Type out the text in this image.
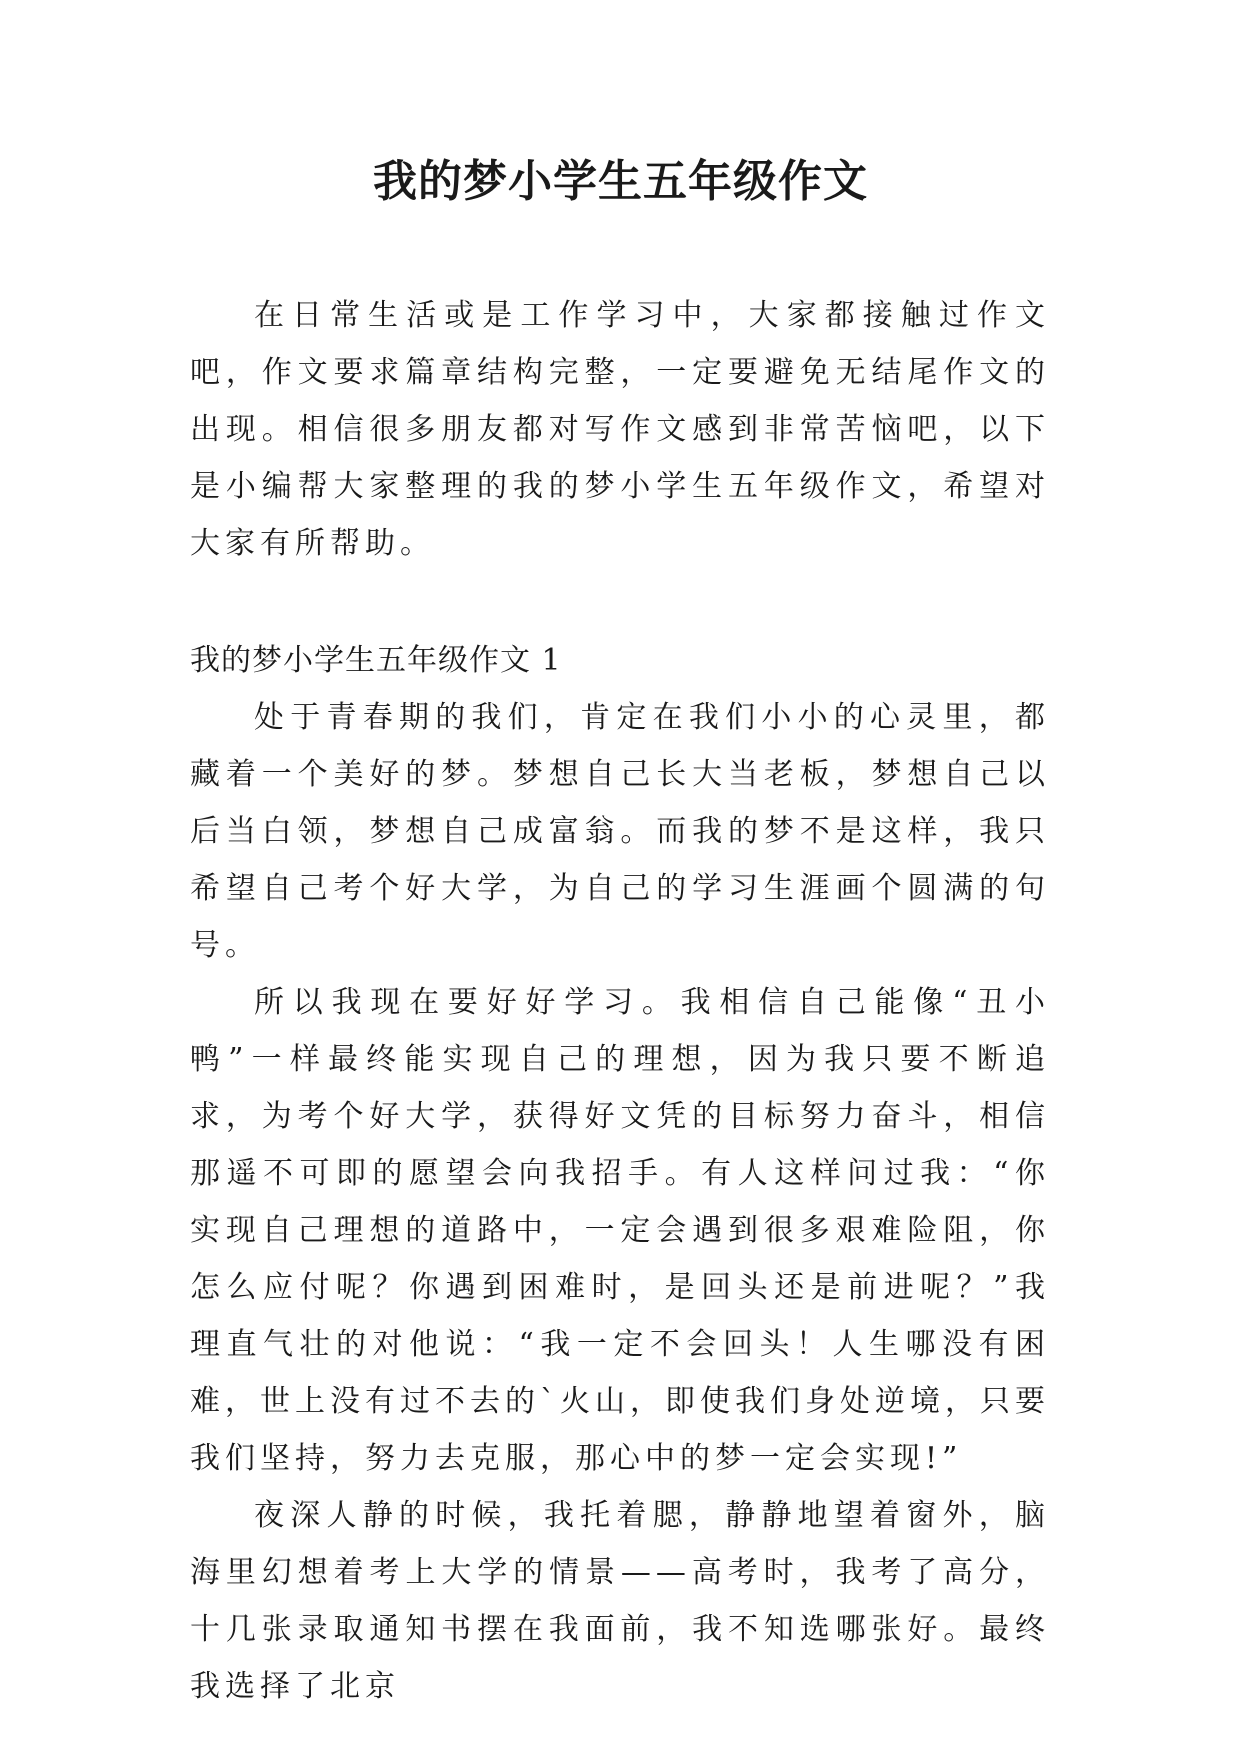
我的梦小学生五年级作文

在日常生活或是工作学习中，大家都接触过作文吧，作文要求篇章结构完整，一定要避免无结尾作文的出现。相信很多朋友都对写作文感到非常苦恼吧，以下是小编帮大家整理的我的梦小学生五年级作文，希望对大家有所帮助。

我的梦小学生五年级作文 1

处于青春期的我们，肯定在我们小小的心灵里，都藏着一个美好的梦。梦想自己长大当老板，梦想自己以后当白领，梦想自己成富翁。而我的梦不是这样，我只希望自己考个好大学，为自己的学习生涯画个圆满的句号。

所以我现在要好好学习。我相信自己能像“丑小鸭”一样最终能实现自己的理想，因为我只要不断追求，为考个好大学，获得好文凭的目标努力奋斗，相信那遥不可即的愿望会向我招手。有人这样问过我：“你实现自己理想的道路中，一定会遇到很多艰难险阻，你怎么应付呢？你遇到困难时，是回头还是前进呢？”我理直气壮的对他说：“我一定不会回头！人生哪没有困难，世上没有过不去的`火山，即使我们身处逆境，只要我们坚持，努力去克服，那心中的梦一定会实现!”

夜深人静的时候，我托着腮，静静地望着窗外，脑海里幻想着考上大学的情景——高考时，我考了高分，十几张录取通知书摆在我面前，我不知选哪张好。最终我选择了北京
